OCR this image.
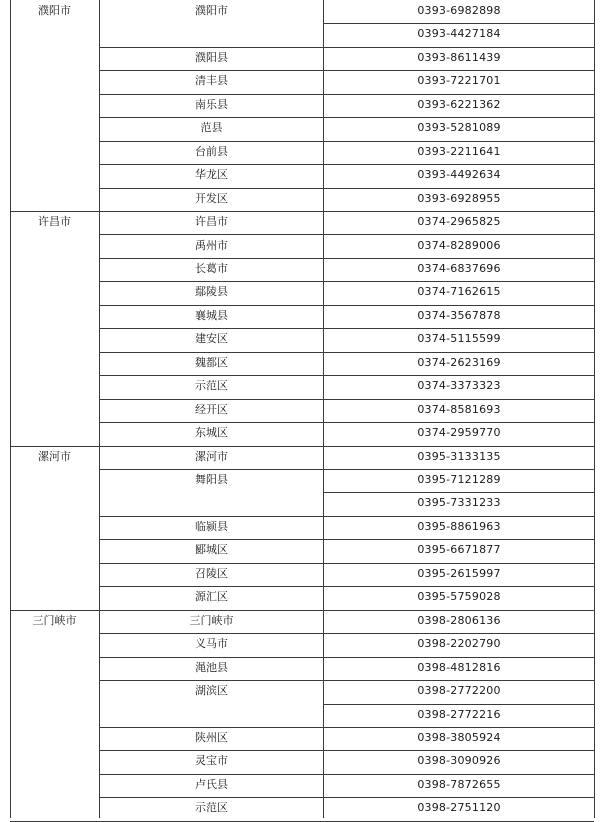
濮阳市	濮阳市	0393-6982898
0393-4427184
濮阳县	0393-8611439
清丰县	0393-7221701
南乐县	0393-6221362
范县	0393-5281089
台前县	0393-2211641
华龙区	0393-4492634
开发区	0393-6928955
许昌市	许昌市	0374-2965825
禹州市	0374-8289006
长葛市	0374-6837696
鄢陵县	0374-7162615
襄城县	0374-3567878
建安区	0374-5115599
魏都区	0374-2623169
示范区	0374-3373323
经开区	0374-8581693
东城区	0374-2959770
漯河市	漯河市	0395-3133135
舞阳县	0395-7121289
0395-7331233
临颍县	0395-8861963
郾城区	0395-6671877
召陵区	0395-2615997
源汇区	0395-5759028
三门峡市	三门峡市	0398-2806136
义马市	0398-2202790
渑池县	0398-4812816
湖滨区	0398-2772200
0398-2772216
陕州区	0398-3805924
灵宝市	0398-3090926
卢氏县	0398-7872655
示范区	0398-2751120
